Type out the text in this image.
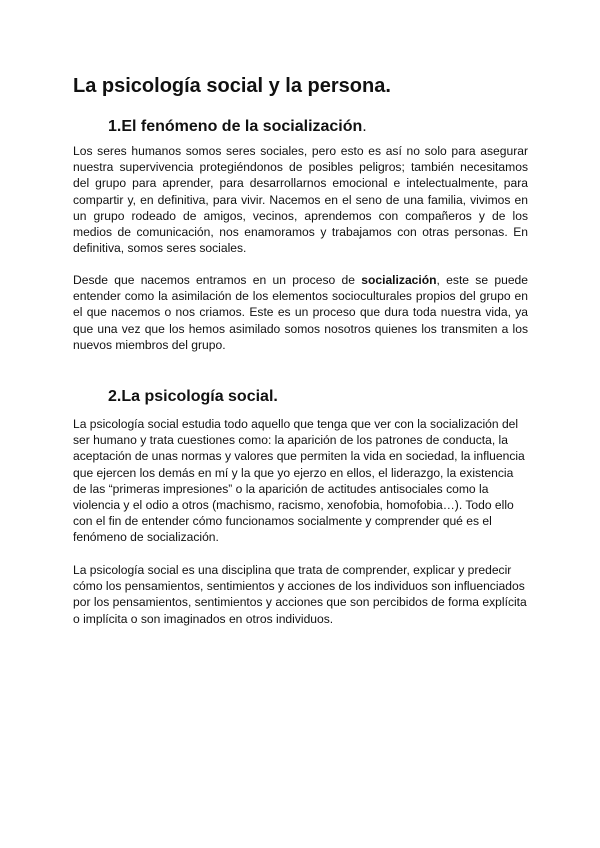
La psicología social y la persona.
1.El fenómeno de la socialización.

Los seres humanos somos seres sociales, pero esto es así no solo para asegurar nuestra supervivencia protegiéndonos de posibles peligros; también necesitamos del grupo para aprender, para desarrollarnos emocional e intelectualmente, para compartir y, en definitiva, para vivir. Nacemos en el seno de una familia, vivimos en un grupo rodeado de amigos, vecinos, aprendemos con compañeros y de los medios de comunicación, nos enamoramos y trabajamos con otras personas. En definitiva, somos seres sociales.

Desde que nacemos entramos en un proceso de socialización, este se puede entender como la asimilación de los elementos socioculturales propios del grupo en el que nacemos o nos criamos. Este es un proceso que dura toda nuestra vida, ya que una vez que los hemos asimilado somos nosotros quienes los transmiten a los nuevos miembros del grupo.

2.La psicología social.

La psicología social estudia todo aquello que tenga que ver con la socialización del ser humano y trata cuestiones como: la aparición de los patrones de conducta, la aceptación de unas normas y valores que permiten la vida en sociedad, la influencia que ejercen los demás en mí y la que yo ejerzo en ellos, el liderazgo, la existencia de las “primeras impresiones” o la aparición de actitudes antisociales como la violencia y el odio a otros (machismo, racismo, xenofobia, homofobia…). Todo ello con el fin de entender cómo funcionamos socialmente y comprender qué es el fenómeno de socialización.

La psicología social es una disciplina que trata de comprender, explicar y predecir cómo los pensamientos, sentimientos y acciones de los individuos son influenciados por los pensamientos, sentimientos y acciones que son percibidos de forma explícita o implícita o son imaginados en otros individuos.
